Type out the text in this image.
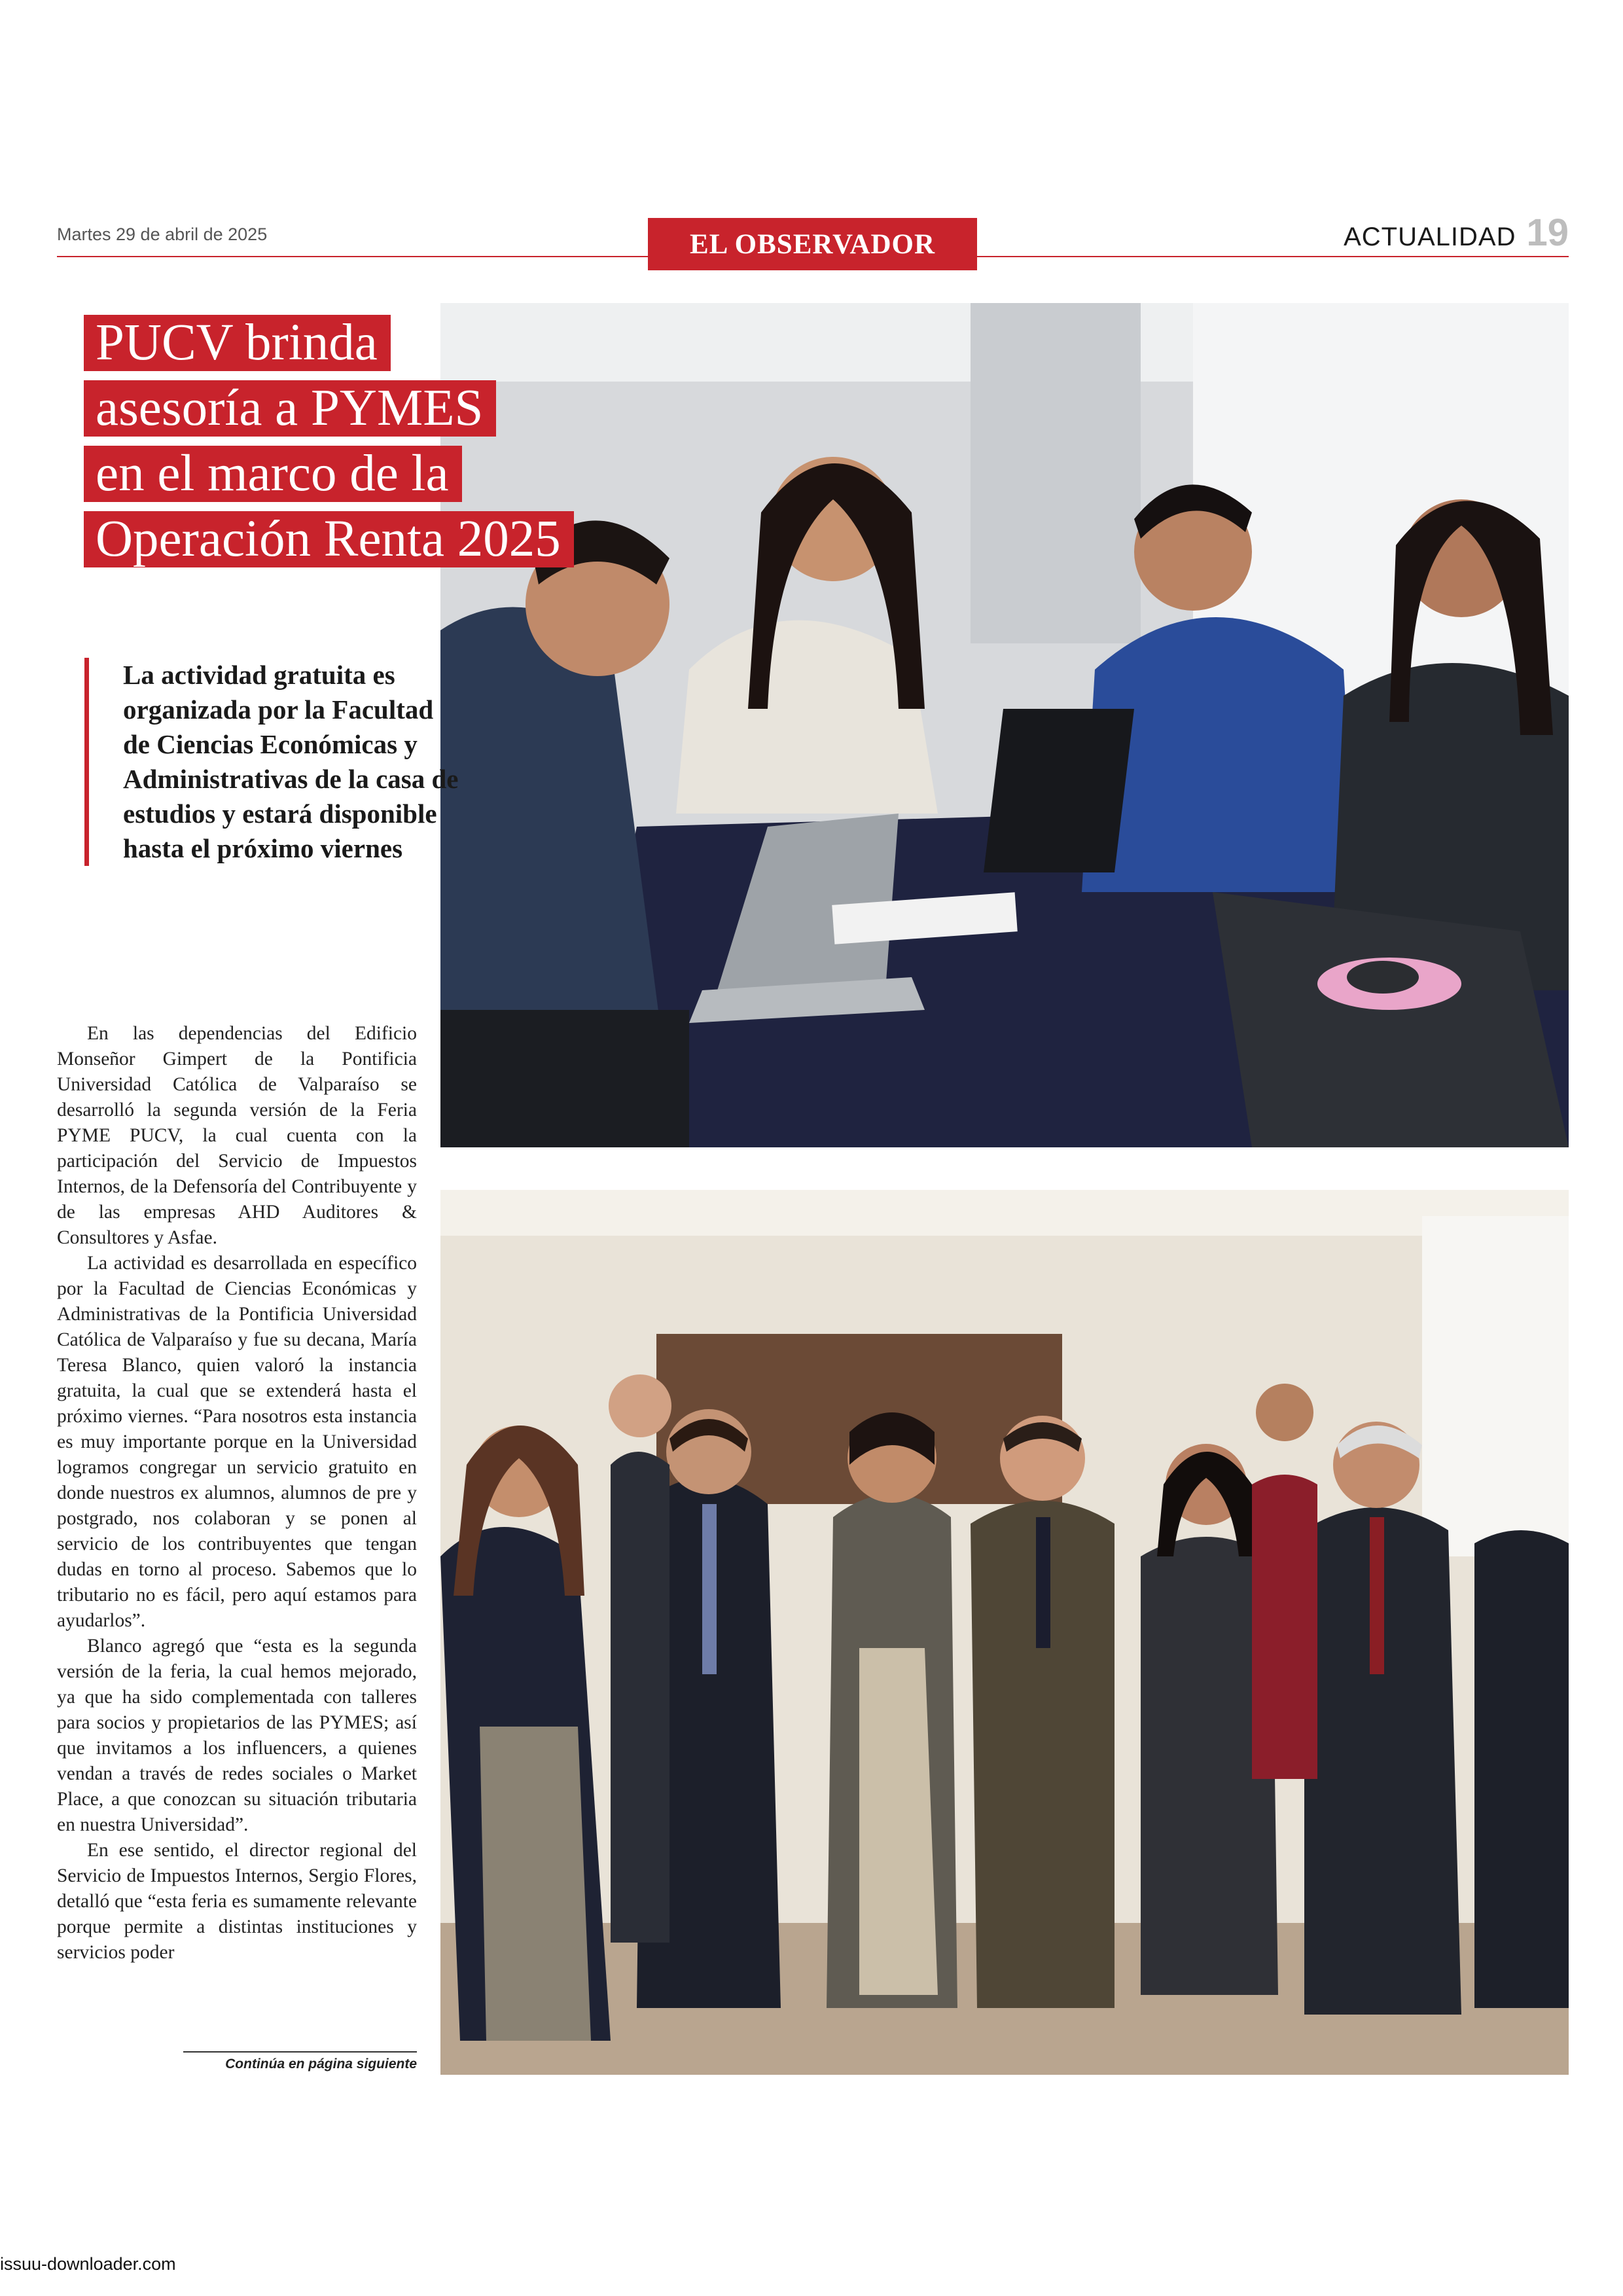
Martes 29 de abril de 2025	EL OBSERVADOR	ACTUALIDAD 19
PUCV brinda
asesoría a PYMES
en el marco de la
Operación Renta 2025
La actividad gratuita es organizada por la Facultad de Ciencias Económicas y Administrativas de la casa de estudios y estará disponible hasta el próximo viernes

En las dependencias del Edificio Monseñor Gimpert de la Pontificia Universidad Católica de Valparaíso se desarrolló la segunda versión de la Feria PYME PUCV, la cual cuenta con la participación del Servicio de Impuestos Internos, de la Defensoría del Contribuyente y de las empresas AHD Auditores & Consultores y Asfae.

La actividad es desarrollada en específico por la Facultad de Ciencias Económicas y Administrativas de la Pontificia Universidad Católica de Valparaíso y fue su decana, María Teresa Blanco, quien valoró la instancia gratuita, la cual que se extenderá hasta el próximo viernes. “Para nosotros esta instancia es muy importante porque en la Universidad logramos congregar un servicio gratuito en donde nuestros ex alumnos, alumnos de pre y postgrado, nos colaboran y se ponen al servicio de los contribuyentes que tengan dudas en torno al proceso. Sabemos que lo tributario no es fácil, pero aquí estamos para ayudarlos”.

Blanco agregó que “esta es la segunda versión de la feria, la cual hemos mejorado, ya que ha sido complementada con talleres para socios y propietarios de las PYMES; así que invitamos a los influencers, a quienes vendan a través de redes sociales o Market Place, a que conozcan su situación tributaria en nuestra Universidad”.

En ese sentido, el director regional del Servicio de Impuestos Internos, Sergio Flores, detalló que “esta feria es sumamente relevante porque permite a distintas instituciones y servicios poder

Continúa en página siguiente
issuu-downloader.com
